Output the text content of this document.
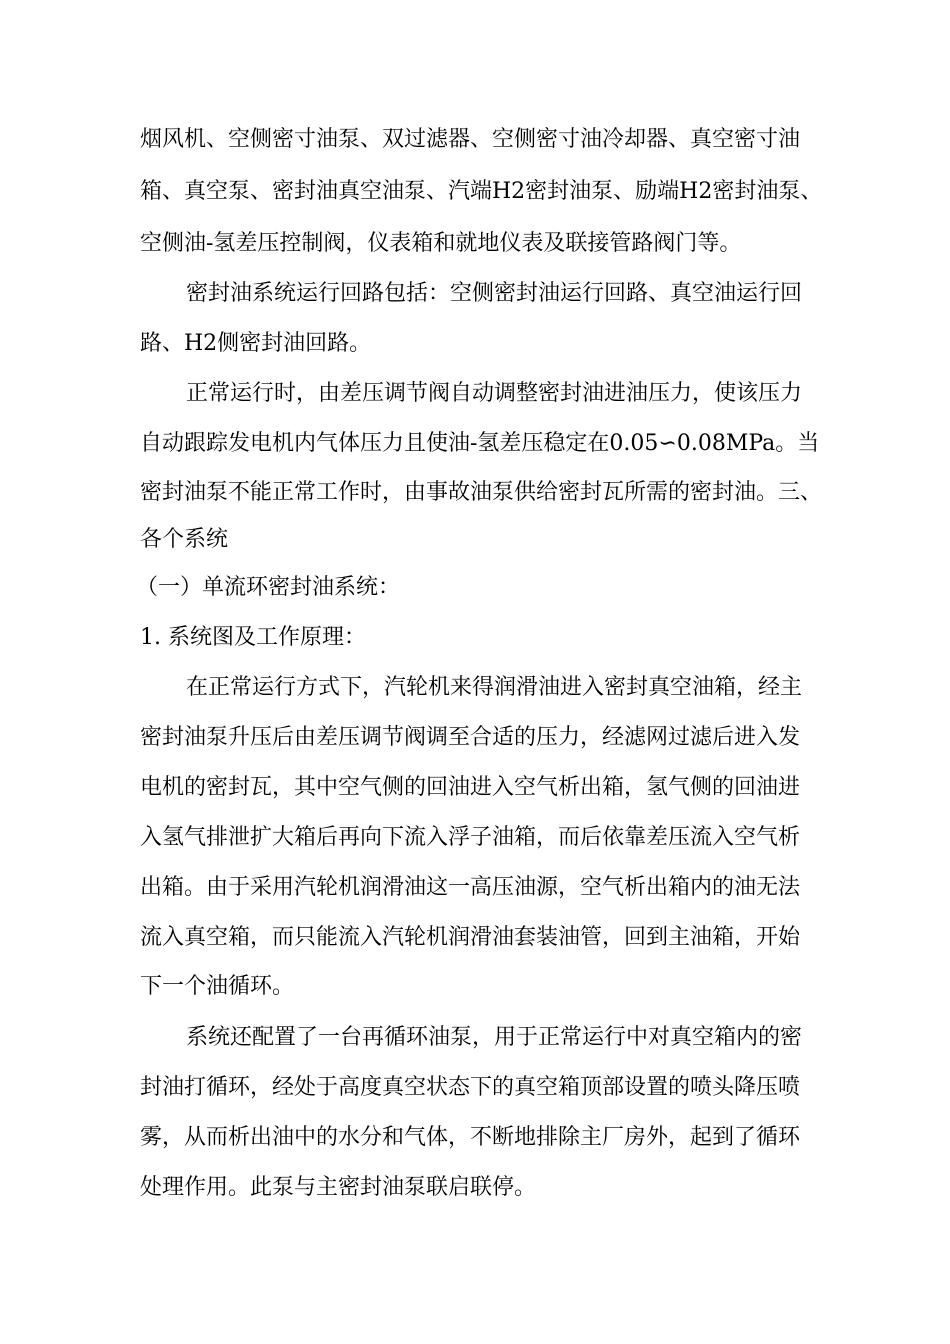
烟风机、空侧密寸油泵、双过滤器、空侧密寸油冷却器、真空密寸油
箱、真空泵、密封油真空油泵、汽端H2密封油泵、励端H2密封油泵、
空侧油-氢差压控制阀，仪表箱和就地仪表及联接管路阀门等。
密封油系统运行回路包括：空侧密封油运行回路、真空油运行回
路、H2侧密封油回路。
正常运行时，由差压调节阀自动调整密封油进油压力，使该压力
自动跟踪发电机内气体压力且使油-氢差压稳定在0.05∽0.08MPa。当
密封油泵不能正常工作时，由事故油泵供给密封瓦所需的密封油。三、
各个系统
（一）单流环密封油系统：
1. 系统图及工作原理：
在正常运行方式下，汽轮机来得润滑油进入密封真空油箱，经主
密封油泵升压后由差压调节阀调至合适的压力，经滤网过滤后进入发
电机的密封瓦，其中空气侧的回油进入空气析出箱，氢气侧的回油进
入氢气排泄扩大箱后再向下流入浮子油箱，而后依靠差压流入空气析
出箱。由于采用汽轮机润滑油这一高压油源，空气析出箱内的油无法
流入真空箱，而只能流入汽轮机润滑油套装油管，回到主油箱，开始
下一个油循环。
系统还配置了一台再循环油泵，用于正常运行中对真空箱内的密
封油打循环，经处于高度真空状态下的真空箱顶部设置的喷头降压喷
雾，从而析出油中的水分和气体，不断地排除主厂房外，起到了循环
处理作用。此泵与主密封油泵联启联停。
